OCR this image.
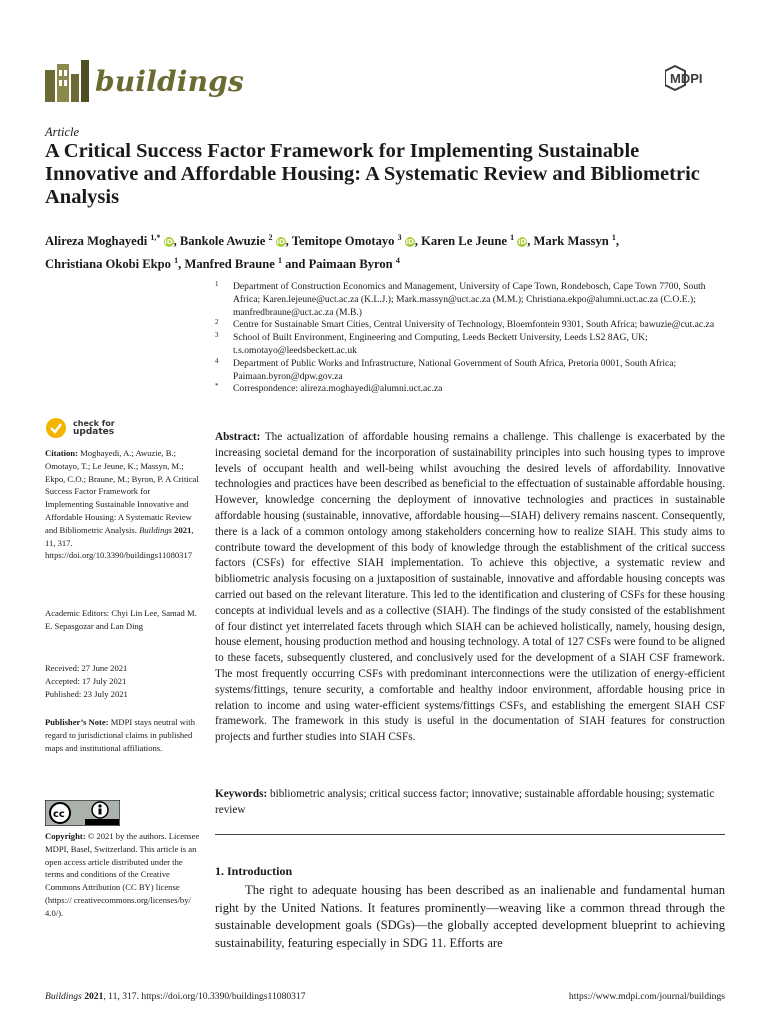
buildings	MDPI
Article
A Critical Success Factor Framework for Implementing Sustainable Innovative and Affordable Housing: A Systematic Review and Bibliometric Analysis
Alireza Moghayedi $^{1,*}$ iD, Bankole Awuzie $^2$ iD, Temitope Omotayo $^3$ iD, Karen Le Jeune $^1$ iD, Mark Massyn $^1$,
Christiana Okobi Ekpo $^1$, Manfred Braune $^1$ and Paimaan Byron $^4$
1 Department of Construction Economics and Management, University of Cape Town, Rondebosch, Cape Town 7700, South Africa; Karen.lejeune@uct.ac.za (K.L.J.); Mark.massyn@uct.ac.za (M.M.); Christiana.ekpo@alumni.uct.ac.za (C.O.E.); manfredbraune@uct.ac.za (M.B.)
2 Centre for Sustainable Smart Cities, Central University of Technology, Bloemfontein 9301, South Africa; bawuzie@cut.ac.za
3 School of Built Environment, Engineering and Computing, Leeds Beckett University, Leeds LS2 8AG, UK; t.s.omotayo@leedsbeckett.ac.uk
4 Department of Public Works and Infrastructure, National Government of South Africa, Pretoria 0001, South Africa; Paimaan.byron@dpw.gov.za
* Correspondence: alireza.moghayedi@alumni.uct.ac.za
check for
updates
Citation: Moghayedi, A.; Awuzie, B.; Omotayo, T.; Le Jeune, K.; Massyn, M.; Ekpo, C.O.; Braune, M.; Byron, P. A Critical Success Factor Framework for Implementing Sustainable Innovative and Affordable Housing: A Systematic Review and Bibliometric Analysis. Buildings 2021, 11, 317. https://doi.org/10.3390/buildings11080317
Academic Editors: Chyi Lin Lee, Samad M. E. Sepasgozar and Lan Ding
Received: 27 June 2021
Accepted: 17 July 2021
Published: 23 July 2021
Publisher’s Note: MDPI stays neutral with regard to jurisdictional claims in published maps and institutional affiliations.
cc
Copyright: © 2021 by the authors. Licensee MDPI, Basel, Switzerland. This article is an open access article distributed under the terms and conditions of the Creative Commons Attribution (CC BY) license (https:// creativecommons.org/licenses/by/ 4.0/).

Abstract: The actualization of affordable housing remains a challenge. This challenge is exacerbated by the increasing societal demand for the incorporation of sustainability principles into such housing types to improve levels of occupant health and well-being whilst avouching the desired levels of affordability. Innovative technologies and practices have been described as beneficial to the effectuation of sustainable affordable housing. However, knowledge concerning the deployment of innovative technologies and practices in sustainable affordable housing (sustainable, innovative, affordable housing—SIAH) delivery remains nascent. Consequently, there is a lack of a common ontology among stakeholders concerning how to realize SIAH. This study aims to contribute toward the development of this body of knowledge through the establishment of the critical success factors (CSFs) for effective SIAH implementation. To achieve this objective, a systematic review and bibliometric analysis focusing on a juxtaposition of sustainable, innovative and affordable housing concepts was carried out based on the relevant literature. This led to the identification and clustering of CSFs for these housing concepts at individual levels and as a collective (SIAH). The findings of the study consisted of the establishment of four distinct yet interrelated facets through which SIAH can be achieved holistically, namely, housing design, house element, housing production method and housing technology. A total of 127 CSFs were found to be aligned to these facets, subsequently clustered, and conclusively used for the development of a SIAH CSF framework. The most frequently occurring CSFs with predominant interconnections were the utilization of energy-efficient systems/fittings, tenure security, a comfortable and healthy indoor environment, affordable housing price in relation to income and using water-efficient systems/fittings CSFs, and establishing the emergent SIAH CSF framework. The framework in this study is useful in the documentation of SIAH features for construction projects and further studies into SIAH CSFs.

Keywords: bibliometric analysis; critical success factor; innovative; sustainable affordable housing; systematic review
1. Introduction

The right to adequate housing has been described as an inalienable and fundamental human right by the United Nations. It features prominently—weaving like a common thread through the sustainable development goals (SDGs)—the globally accepted development blueprint to achieving sustainability, featuring especially in SDG 11. Efforts are

Buildings 2021, 11, 317. https://doi.org/10.3390/buildings11080317	https://www.mdpi.com/journal/buildings
